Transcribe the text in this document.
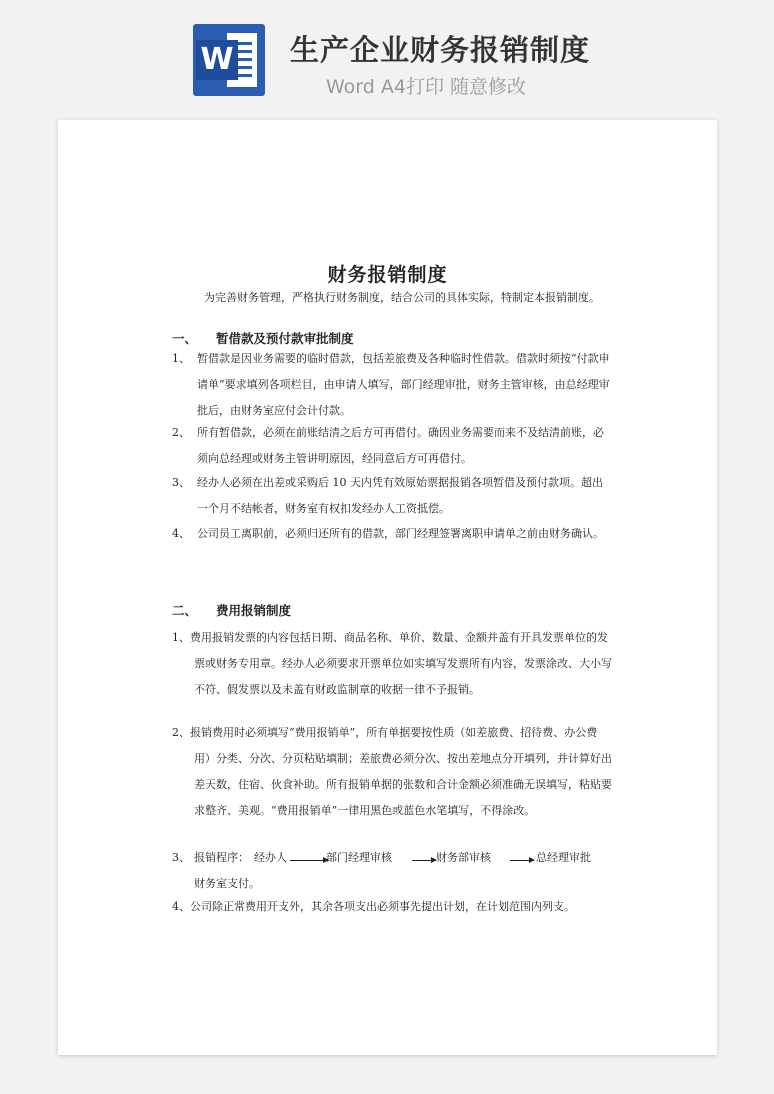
W 生产企业财务报销制度
Word A4打印 随意修改
财务报销制度
为完善财务管理，严格执行财务制度，结合公司的具体实际，特制定本报销制度。
一、 暂借款及预付款审批制度
1、 暂借款是因业务需要的临时借款，包括差旅费及各种临时性借款。借款时须按“付款申请单”要求填列各项栏目，由申请人填写，部门经理审批，财务主管审核，由总经理审批后，由财务室应付会计付款。
2、 所有暂借款，必须在前账结清之后方可再借付。确因业务需要而来不及结清前账，必须向总经理或财务主管讲明原因，经同意后方可再借付。
3、 经办人必须在出差或采购后 10 天内凭有效原始票据报销各项暂借及预付款项。超出一个月不结帐者，财务室有权扣发经办人工资抵偿。
4、 公司员工离职前，必须归还所有的借款，部门经理签署离职申请单之前由财务确认。
二、 费用报销制度
1、费用报销发票的内容包括日期、商品名称、单价、数量、金额并盖有开具发票单位的发票或财务专用章。经办人必须要求开票单位如实填写发票所有内容，发票涂改、大小写不符、假发票以及未盖有财政监制章的收据一律不予报销。
2、报销费用时必须填写“费用报销单”，所有单据要按性质（如差旅费、招待费、办公费用）分类、分次、分页粘贴填制；差旅费必须分次、按出差地点分开填列，并计算好出差天数，住宿、伙食补助。所有报销单据的张数和合计金额必须准确无误填写，粘贴要求整齐、美观。“费用报销单”一律用黑色或蓝色水笔填写，不得涂改。
3、 报销程序： 经办人	部门经理审核	财务部审核	总经理审批
财务室支付。
4、公司除正常费用开支外，其余各项支出必须事先提出计划，在计划范围内列支。
